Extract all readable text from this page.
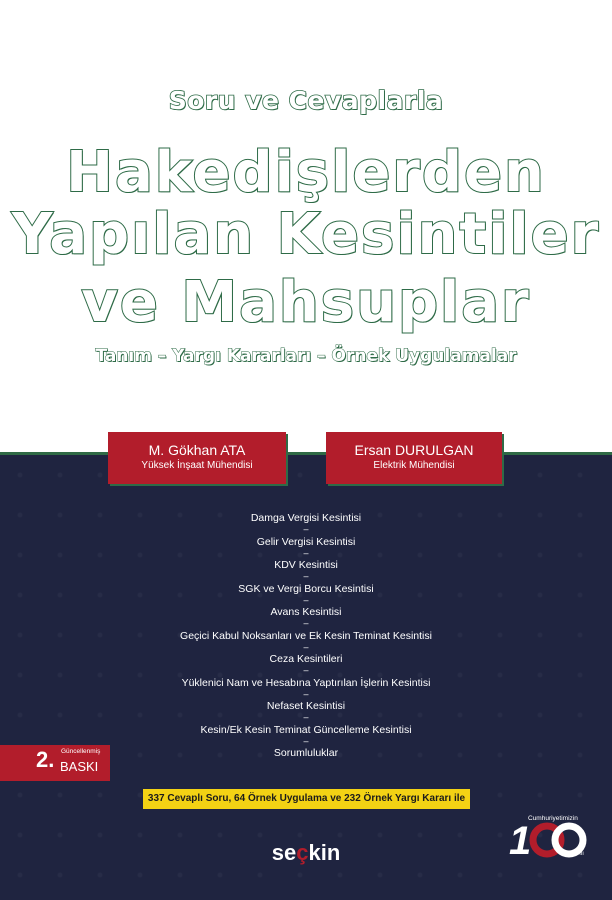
Soru ve Cevaplarla
Hakedişlerden
Yapılan Kesintiler
ve Mahsuplar
Tanım – Yargı Kararları – Örnek Uygulamalar
M. Gökhan ATA
Yüksek İnşaat Mühendisi
Ersan DURULGAN
Elektrik Mühendisi
Damga Vergisi Kesintisi
–
Gelir Vergisi Kesintisi
–
KDV Kesintisi
–
SGK ve Vergi Borcu Kesintisi
–
Avans Kesintisi
–
Geçici Kabul Noksanları ve Ek Kesin Teminat Kesintisi
–
Ceza Kesintileri
–
Yüklenici Nam ve Hesabına Yaptırılan İşlerin Kesintisi
–
Nefaset Kesintisi
–
Kesin/Ek Kesin Teminat Güncelleme Kesintisi
–
Sorumluluklar
2. Güncellenmiş
BASKI
337 Cevaplı Soru, 64 Örnek Uygulama ve 232 Örnek Yargı Kararı ile
seçkin
Cumhuriyetimizin
1	. Yılı
